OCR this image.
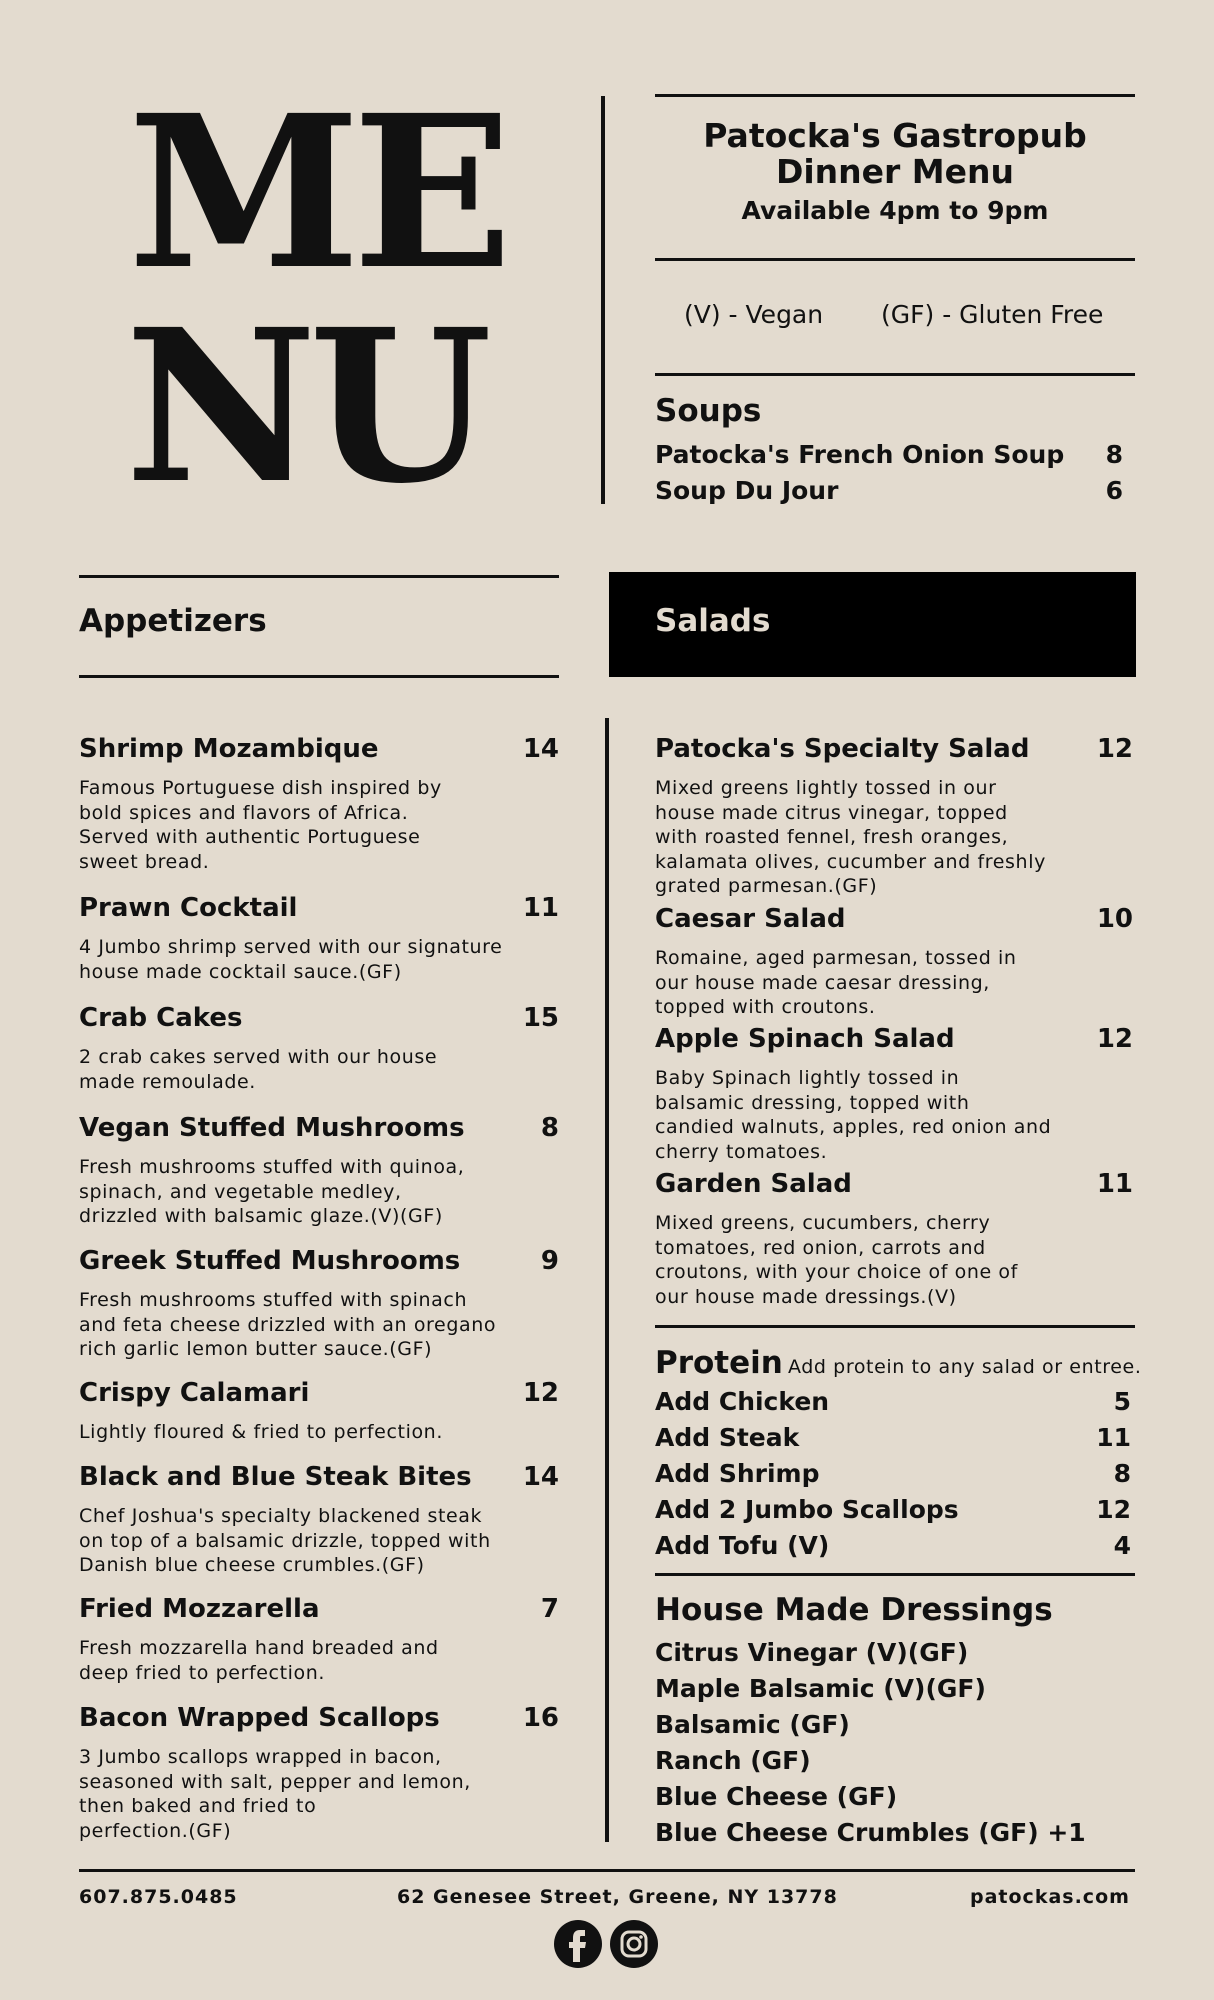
ME
NU
Patocka's Gastropub
Dinner Menu
Available 4pm to 9pm
(V) - Vegan (GF) - Gluten Free
Soups
Patocka's French Onion Soup 8
Soup Du Jour	6
Appetizers	Salads
Shrimp Mozambique	14
Famous Portuguese dish inspired by
bold spices and flavors of Africa.
Served with authentic Portuguese
sweet bread.
Prawn Cocktail	11
4 Jumbo shrimp served with our signature
house made cocktail sauce.(GF)
Crab Cakes	15
2 crab cakes served with our house
made remoulade.
Vegan Stuffed Mushrooms	8
Fresh mushrooms stuffed with quinoa,
spinach, and vegetable medley,
drizzled with balsamic glaze.(V)(GF)
Greek Stuffed Mushrooms	9
Fresh mushrooms stuffed with spinach
and feta cheese drizzled with an oregano
rich garlic lemon butter sauce.(GF)
Crispy Calamari	12
Lightly floured & fried to perfection.
Black and Blue Steak Bites 14
Chef Joshua's specialty blackened steak
on top of a balsamic drizzle, topped with
Danish blue cheese crumbles.(GF)
Fried Mozzarella	7
Fresh mozzarella hand breaded and
deep fried to perfection.
Bacon Wrapped Scallops	16
3 Jumbo scallops wrapped in bacon,
seasoned with salt, pepper and lemon,
then baked and fried to
perfection.(GF)
Patocka's Specialty Salad	12
Mixed greens lightly tossed in our
house made citrus vinegar, topped
with roasted fennel, fresh oranges,
kalamata olives, cucumber and freshly
grated parmesan.(GF)
Caesar Salad	10
Romaine, aged parmesan, tossed in
our house made caesar dressing,
topped with croutons.
Apple Spinach Salad	12
Baby Spinach lightly tossed in
balsamic dressing, topped with
candied walnuts, apples, red onion and
cherry tomatoes.
Garden Salad	11
Mixed greens, cucumbers, cherry
tomatoes, red onion, carrots and
croutons, with your choice of one of
our house made dressings.(V)
Protein Add protein to any salad or entree.
Add Chicken	5
Add Steak	11
Add Shrimp	8
Add 2 Jumbo Scallops	12
Add Tofu (V)	4
House Made Dressings
Citrus Vinegar (V)(GF)
Maple Balsamic (V)(GF)
Balsamic (GF)
Ranch (GF)
Blue Cheese (GF)
Blue Cheese Crumbles (GF) +1
607.875.0485	62 Genesee Street, Greene, NY 13778	patockas.com
